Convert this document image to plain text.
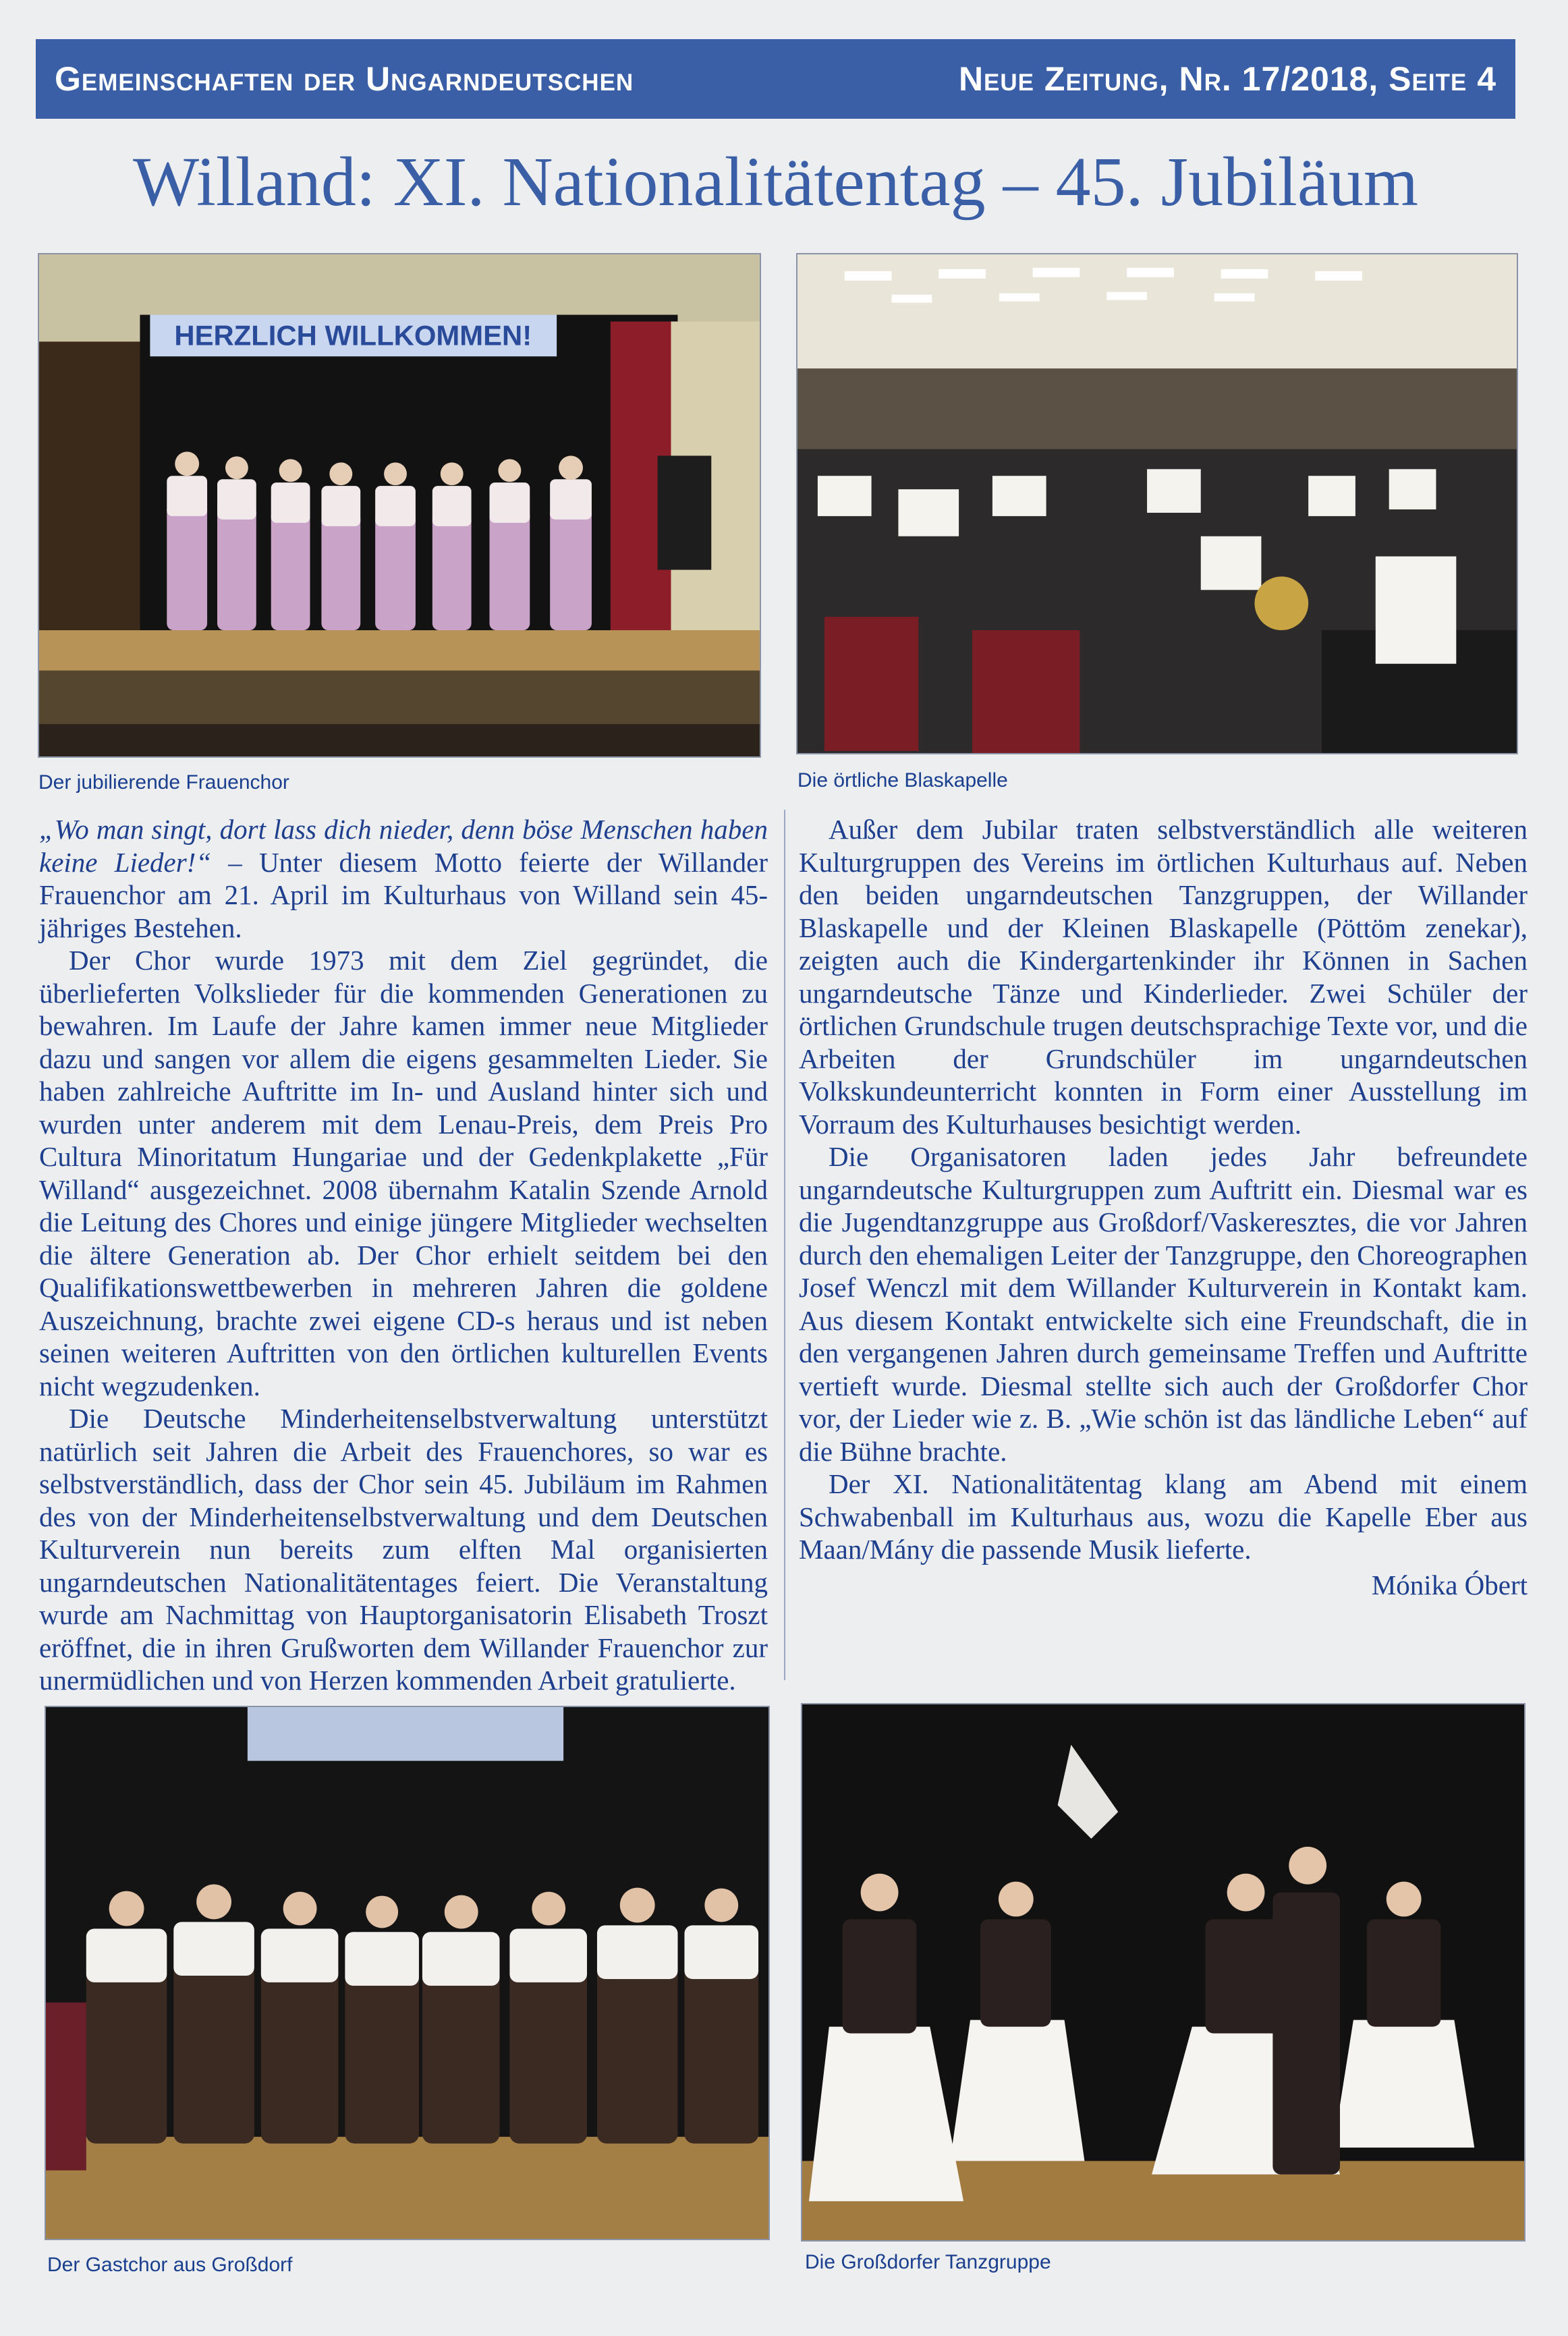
Gemeinschaften der Ungarndeutschen	Neue Zeitung, Nr. 17/2018, Seite 4
Willand: XI. Nationalitätentag – 45. Jubiläum
HERZLICH WILLKOMMEN!
Der jubilierende Frauenchor	Die örtliche Blaskapelle

„Wo man singt, dort lass dich nieder, denn böse Menschen haben keine Lieder!“ – Unter diesem Motto feierte der Willander Frauenchor am 21. April im Kulturhaus von Willand sein 45-jähriges Bestehen.

Der Chor wurde 1973 mit dem Ziel gegründet, die überlieferten Volkslieder für die kommenden Generationen zu bewahren. Im Laufe der Jahre kamen immer neue Mitglieder dazu und sangen vor allem die eigens gesammelten Lieder. Sie haben zahlreiche Auftritte im In- und Ausland hinter sich und wurden unter anderem mit dem Lenau-Preis, dem Preis Pro Cultura Minoritatum Hungariae und der Gedenkplakette „Für Willand“ ausgezeichnet. 2008 übernahm Katalin Szende Arnold die Leitung des Chores und einige jüngere Mitglieder wechselten die ältere Generation ab. Der Chor erhielt seitdem bei den Qualifikationswettbewerben in mehreren Jahren die goldene Auszeichnung, brachte zwei eigene CD-s heraus und ist neben seinen weiteren Auftritten von den örtlichen kulturellen Events nicht wegzudenken.

Die Deutsche Minderheitenselbstverwaltung unterstützt natürlich seit Jahren die Arbeit des Frauenchores, so war es selbstverständlich, dass der Chor sein 45. Jubiläum im Rahmen des von der Minderheitenselbstverwaltung und dem Deutschen Kulturverein nun bereits zum elften Mal organisierten ungarndeutschen Nationalitätentages feiert. Die Veranstaltung wurde am Nachmittag von Hauptorganisatorin Elisabeth Troszt eröffnet, die in ihren Grußworten dem Willander Frauenchor zur unermüdlichen und von Herzen kommenden Arbeit gratulierte.

Außer dem Jubilar traten selbstverständlich alle weiteren Kulturgruppen des Vereins im örtlichen Kulturhaus auf. Neben den beiden ungarndeutschen Tanzgruppen, der Willander Blaskapelle und der Kleinen Blaskapelle (Pöttöm zenekar), zeigten auch die Kindergartenkinder ihr Können in Sachen ungarndeutsche Tänze und Kinderlieder. Zwei Schüler der örtlichen Grundschule trugen deutschsprachige Texte vor, und die Arbeiten der Grundschüler im ungarndeutschen Volkskundeunterricht konnten in Form einer Ausstellung im Vorraum des Kulturhauses besichtigt werden.

Die Organisatoren laden jedes Jahr befreundete ungarndeutsche Kulturgruppen zum Auftritt ein. Diesmal war es die Jugendtanzgruppe aus Großdorf/Vaskeresztes, die vor Jahren durch den ehemaligen Leiter der Tanzgruppe, den Choreographen Josef Wenczl mit dem Willander Kulturverein in Kontakt kam. Aus diesem Kontakt entwickelte sich eine Freundschaft, die in den vergangenen Jahren durch gemeinsame Treffen und Auftritte vertieft wurde. Diesmal stellte sich auch der Großdorfer Chor vor, der Lieder wie z. B. „Wie schön ist das ländliche Leben“ auf die Bühne brachte.

Der XI. Nationalitätentag klang am Abend mit einem Schwabenball im Kulturhaus aus, wozu die Kapelle Eber aus Maan/Mány die passende Musik lieferte.

Mónika Óbert
Der Gastchor aus Großdorf	Die Großdorfer Tanzgruppe
